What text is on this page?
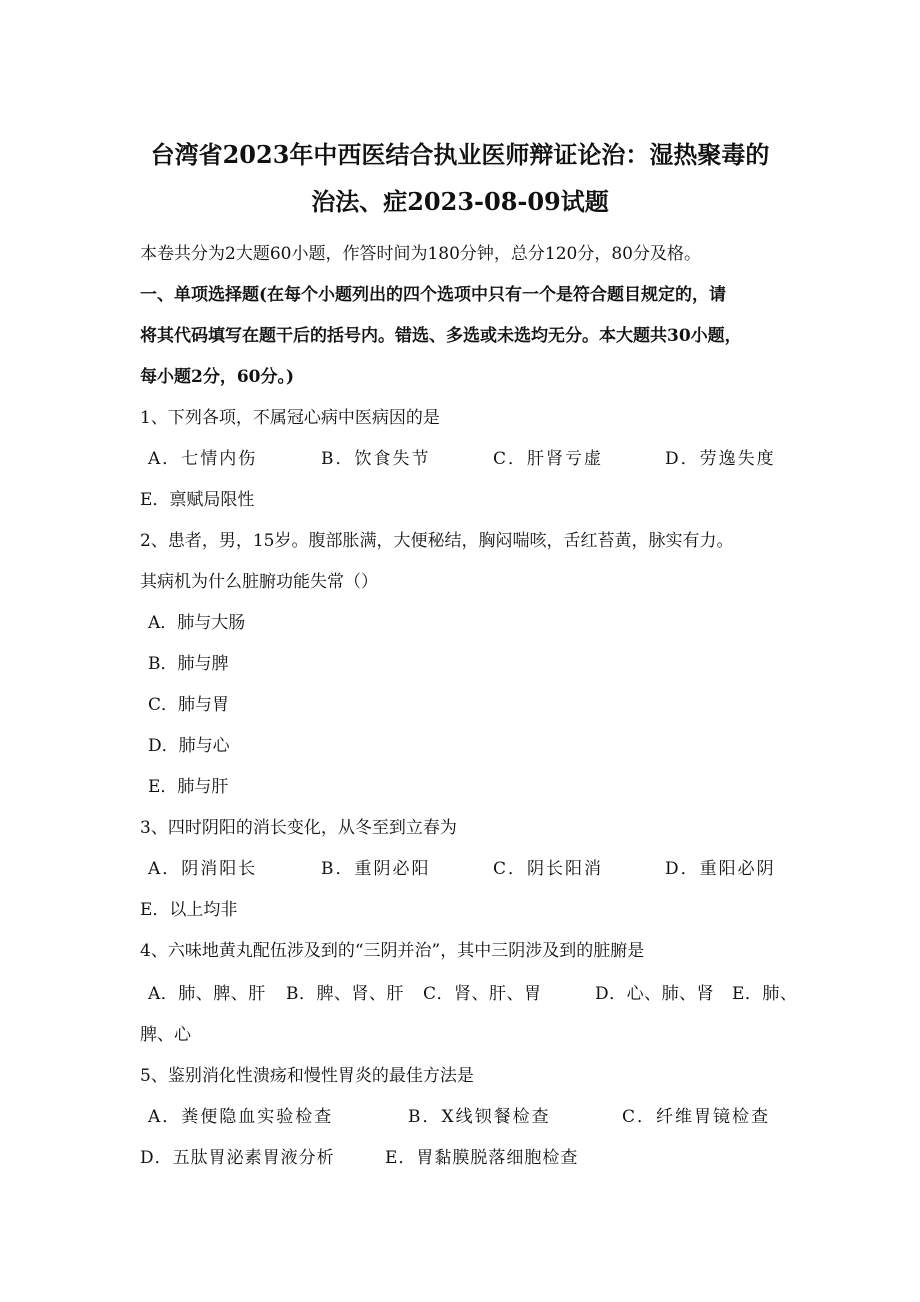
台湾省2023年中西医结合执业医师辩证论治：湿热聚毒的
治法、症2023-08-09试题
本卷共分为2大题60小题，作答时间为180分钟，总分120分，80分及格。
一、单项选择题(在每个小题列出的四个选项中只有一个是符合题目规定的，请
将其代码填写在题干后的括号内。错选、多选或未选均无分。本大题共30小题，
每小题2分，60分。)
1、下列各项，不属冠心病中医病因的是
A．七情内伤	B．饮食失节	C．肝肾亏虚	D．劳逸失度
E．禀赋局限性
2、患者，男，15岁。腹部胀满，大便秘结，胸闷喘咳，舌红苔黄，脉实有力。
其病机为什么脏腑功能失常（）
A．肺与大肠
B．肺与脾
C．肺与胃
D．肺与心
E．肺与肝
3、四时阴阳的消长变化，从冬至到立春为
A．阴消阳长	B．重阴必阳	C．阴长阳消	D．重阳必阴
E．以上均非
4、六味地黄丸配伍涉及到的“三阴并治”，其中三阴涉及到的脏腑是
A．肺、脾、肝 B．脾、肾、肝 C．肾、肝、胃	D．心、肺、肾 E．肺、
脾、心
5、鉴别消化性溃疡和慢性胃炎的最佳方法是
A．粪便隐血实验检查	B．X线钡餐检查	C．纤维胃镜检查
D．五肽胃泌素胃液分析	E．胃黏膜脱落细胞检查
